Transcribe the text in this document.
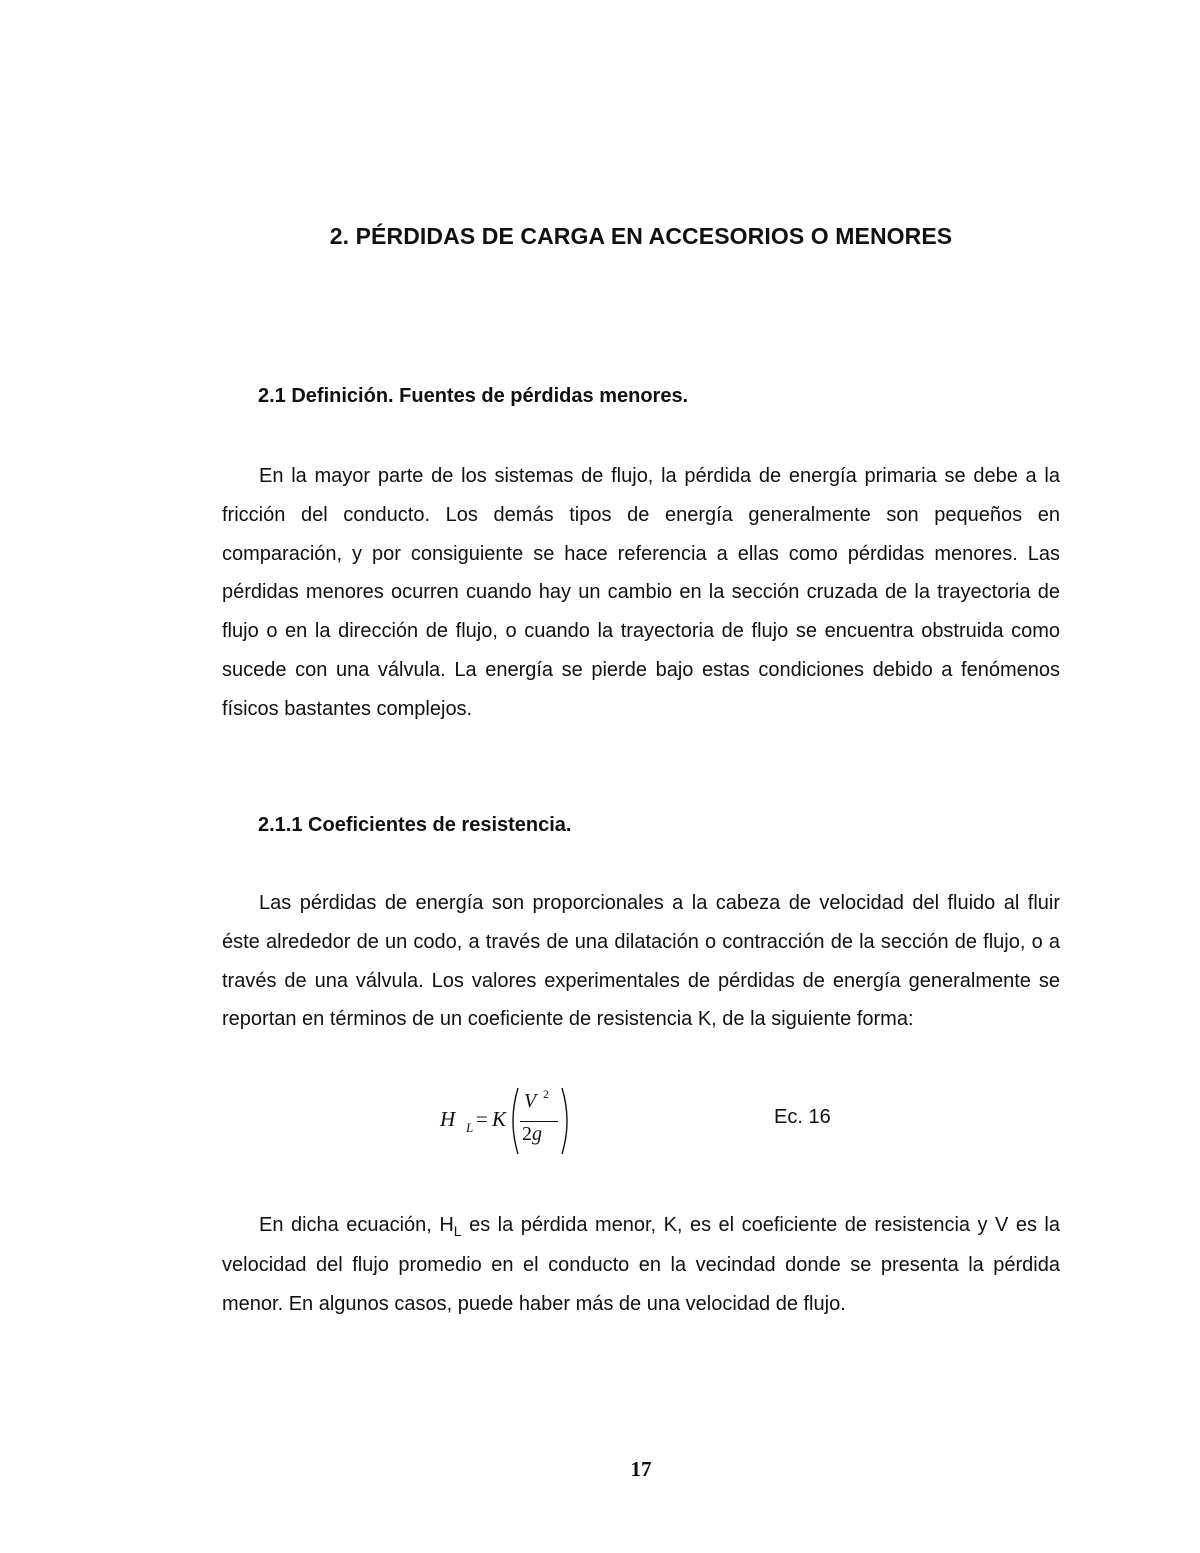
2. PÉRDIDAS DE CARGA EN ACCESORIOS O MENORES
2.1 Definición. Fuentes de pérdidas menores.

En la mayor parte de los sistemas de flujo, la pérdida de energía primaria se debe a la fricción del conducto. Los demás tipos de energía generalmente son pequeños en comparación, y por consiguiente se hace referencia a ellas como pérdidas menores. Las pérdidas menores ocurren cuando hay un cambio en la sección cruzada de la trayectoria de flujo o en la dirección de flujo, o cuando la trayectoria de flujo se encuentra obstruida como sucede con una válvula. La energía se pierde bajo estas condiciones debido a fenómenos físicos bastantes complejos.

2.1.1 Coeficientes de resistencia.

Las pérdidas de energía son proporcionales a la cabeza de velocidad del fluido al fluir éste alrededor de un codo, a través de una dilatación o contracción de la sección de flujo, o a través de una válvula. Los valores experimentales de pérdidas de energía generalmente se reportan en términos de un coeficiente de resistencia K, de la siguiente forma:

H L = K
V 2
2g
Ec. 16

En dicha ecuación, $H_L$ es la pérdida menor, K, es el coeficiente de resistencia y V es la velocidad del flujo promedio en el conducto en la vecindad donde se presenta la pérdida menor. En algunos casos, puede haber más de una velocidad de flujo.

17
